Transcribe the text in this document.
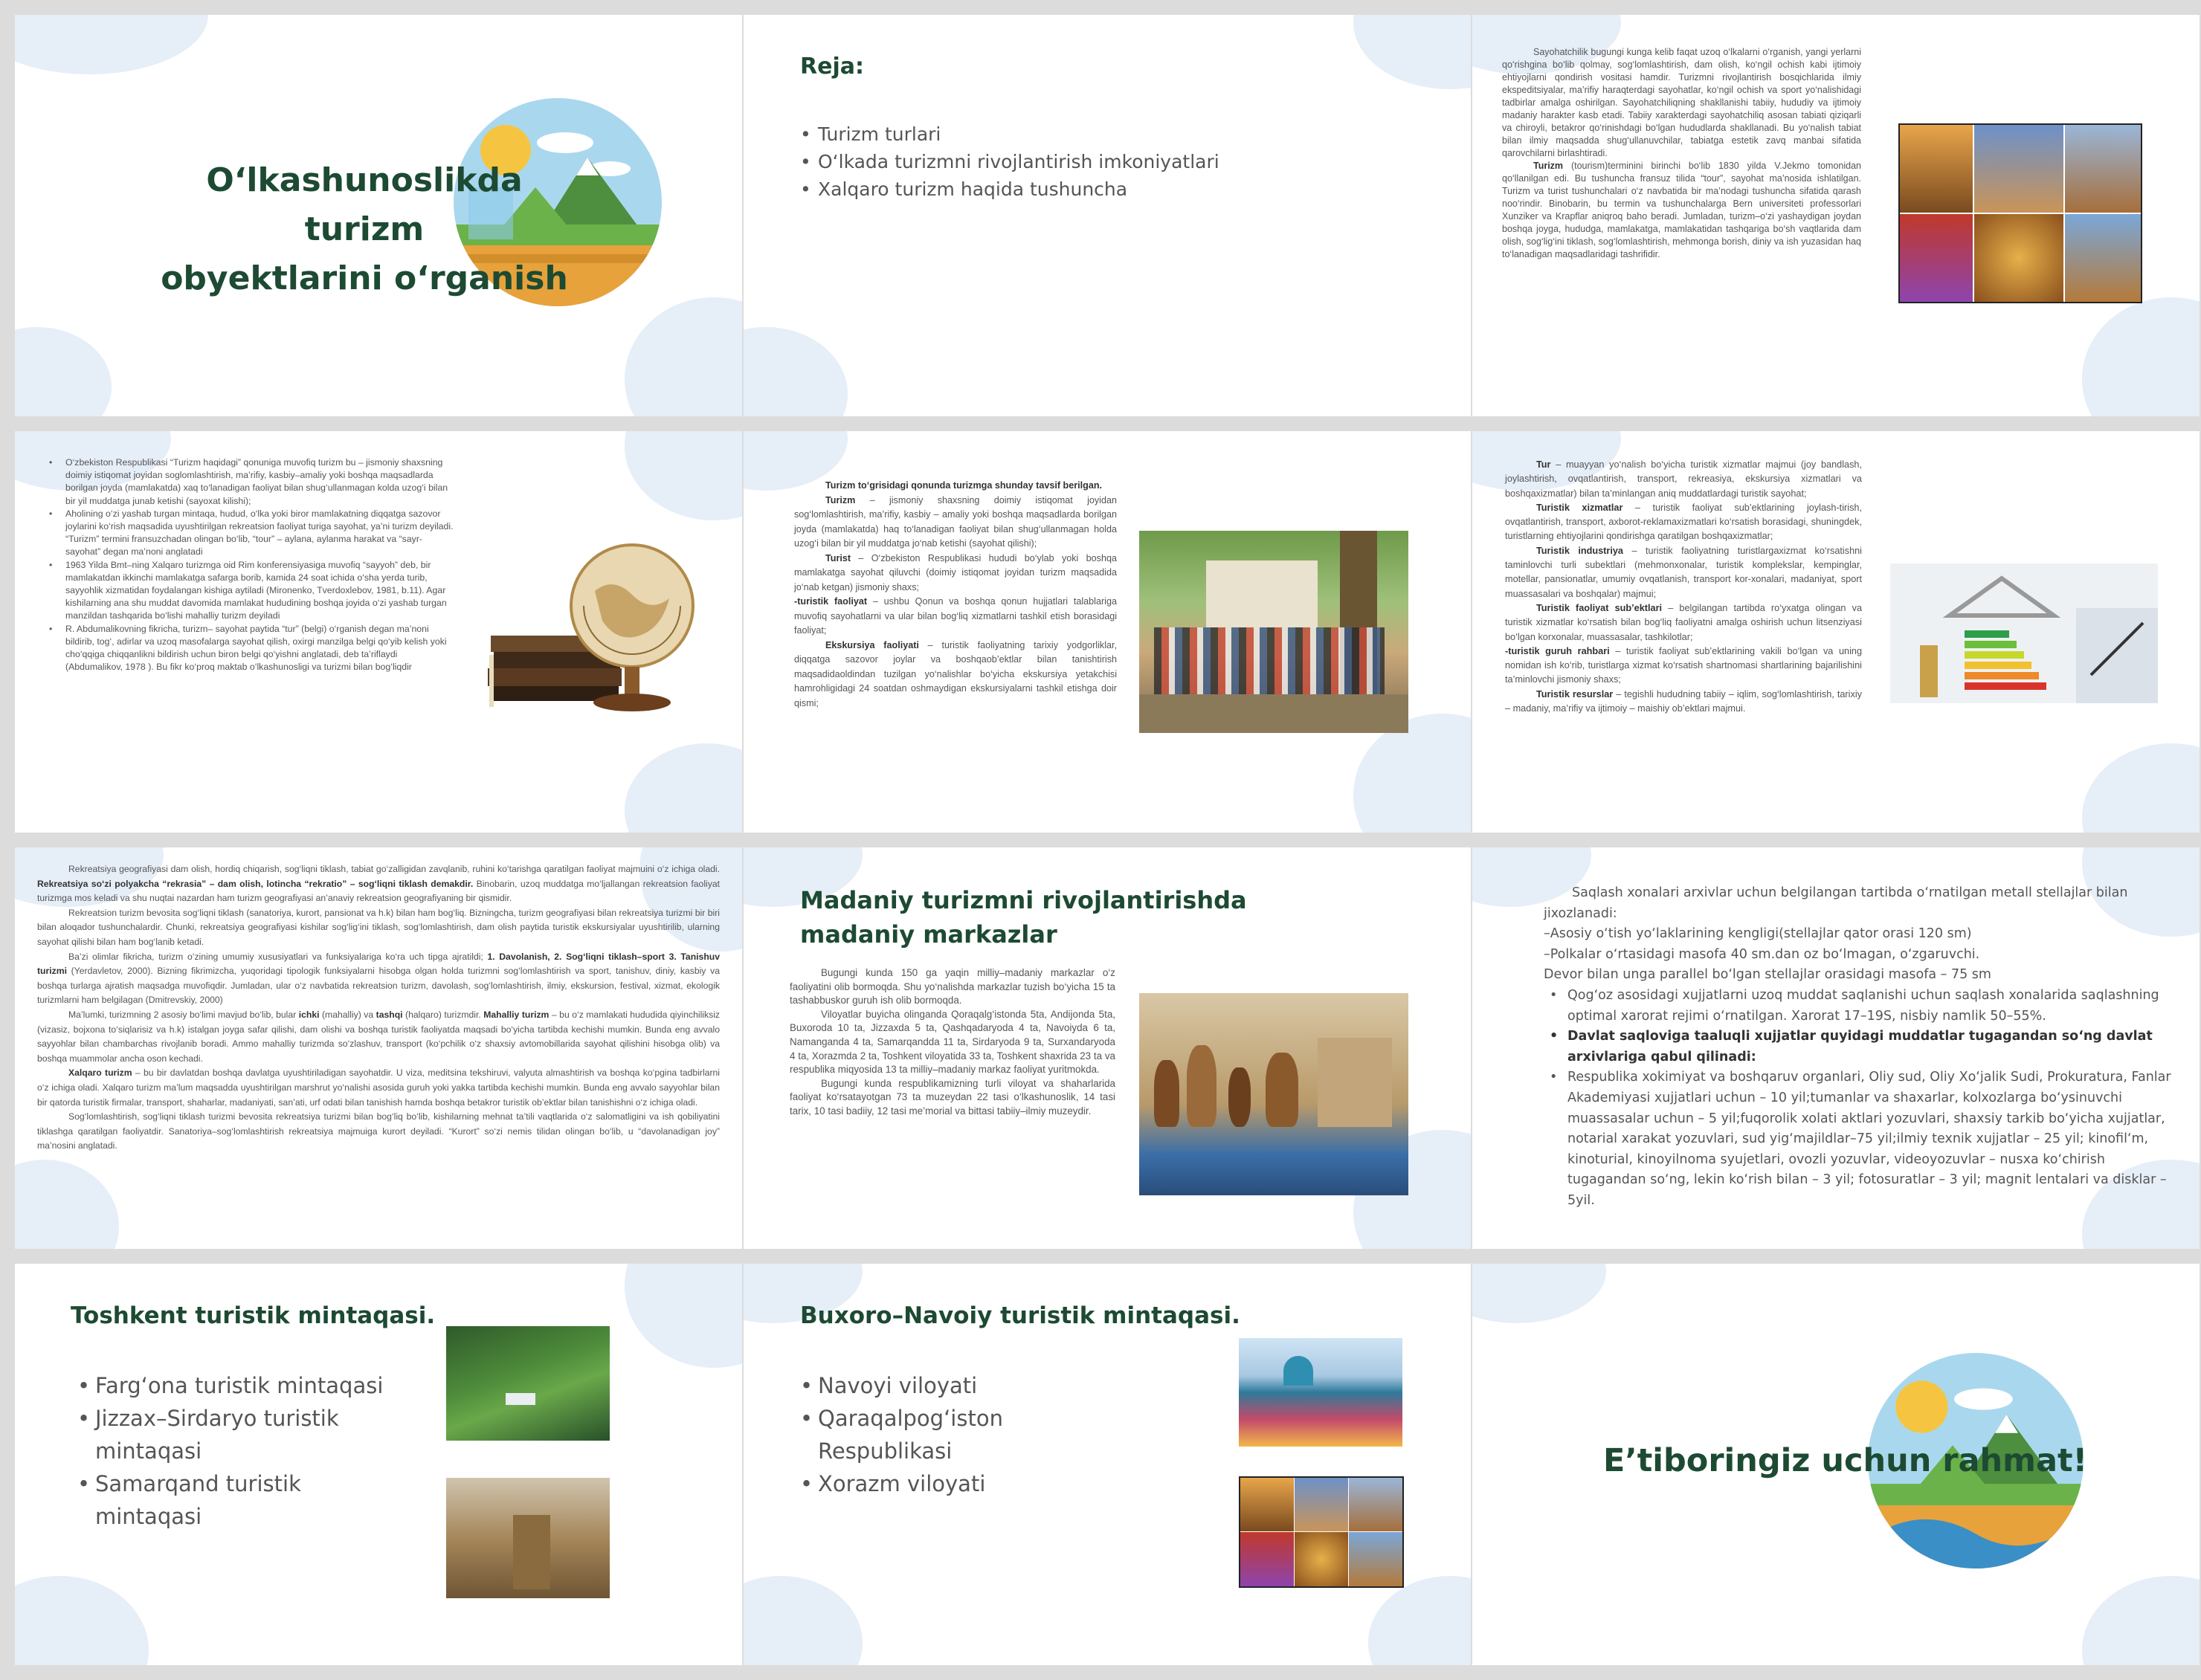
O‘lkashunoslikda turizm
obyektlarini o‘rganish
Reja:
• Turizm turlari
• O‘lkada turizmni rivojlantirish imkoniyatlari
• Xalqaro turizm haqida tushuncha

Sayohatchilik bugungi kunga kelib faqat uzoq o‘lkalarni o‘rganish, yangi yerlarni qo‘rishgina bo‘lib qolmay, sog‘lomlashtirish, dam olish, ko‘ngil ochish kabi ijtimoiy ehtiyojlarni qondirish vositasi hamdir. Turizmni rivojlantirish bosqichlarida ilmiy ekspeditsiyalar, ma’rifiy haraqterdagi sayohatlar, ko‘ngil ochish va sport yo‘nalishidagi tadbirlar amalga oshirilgan. Sayohatchiliqning shakllanishi tabiiy, hududiy va ijtimoiy madaniy harakter kasb etadi. Tabiiy xarakterdagi sayohatchiliq asosan tabiati qiziqarli va chiroyli, betakror qo‘rinishdagi bo‘lgan hududlarda shakllanadi. Bu yo‘nalish tabiat bilan ilmiy maqsadda shug‘ullanuvchilar, tabiatga estetik zavq manbai sifatida qarovchilarni birlashtiradi.

Turizm (tourism)terminini birinchi bo‘lib 1830 yilda V.Jekmo tomonidan qo‘llanilgan edi. Bu tushuncha fransuz tilida “tour”, sayohat ma’nosida ishlatilgan. Turizm va turist tushunchalari o‘z navbatida bir ma’nodagi tushuncha sifatida qarash noo‘rindir. Binobarin, bu termin va tushunchalarga Bern universiteti professorlari Xunziker va Krapflar aniqroq baho beradi. Jumladan, turizm–o‘zi yashaydigan joydan boshqa joyga, hududga, mamlakatga, mamlakatidan tashqariga bo‘sh vaqtlarida dam olish, sog‘lig‘ini tiklash, sog‘lomlashtirish, mehmonga borish, diniy va ish yuzasidan haq to‘lanadigan maqsadlaridagi tashrifidir.

• O‘zbekiston Respublikasi “Turizm haqidagi” qonuniga muvofiq turizm bu – jismoniy shaxsning doimiy istiqomat joyidan soglomlashtirish, ma’rifiy, kasbiy–amaliy yoki boshqa maqsadlarda borilgan joyda (mamlakatda) xaq to‘lanadigan faoliyat bilan shug‘ullanmagan kolda uzog‘i bilan bir yil muddatga junab ketishi (sayoxat kilishi);
• Aholining o‘zi yashab turgan mintaqa, hudud, o‘lka yoki biror mamlakatning diqqatga sazovor joylarini ko‘rish maqsadida uyushtirilgan rekreatsion faoliyat turiga sayohat, ya’ni turizm deyiladi. “Turizm” termini fransuzchadan olingan bo‘lib, “tour” – aylana, aylanma harakat va “sayr-sayohat” degan ma’noni anglatadi
• 1963 Yilda Bmt–ning Xalqaro turizmga oid Rim konferensiyasiga muvofiq “sayyoh” deb, bir mamlakatdan ikkinchi mamlakatga safarga borib, kamida 24 soat ichida o‘sha yerda turib, sayyohlik xizmatidan foydalangan kishiga aytiladi (Mironenko, Tverdoxlebov, 1981, b.11). Agar kishilarning ana shu muddat davomida mamlakat hududining boshqa joyida o‘zi yashab turgan manzildan tashqarida bo‘lishi mahalliy turizm deyiladi
• R. Abdumalikovning fikricha, turizm– sayohat paytida “tur” (belgi) o‘rganish degan ma’noni bildirib, tog‘, adirlar va uzoq masofalarga sayohat qilish, oxirgi manzilga belgi qo‘yib kelish yoki cho‘qqiga chiqqanlikni bildirish uchun biron belgi qo‘yishni anglatadi, deb ta’riflaydi (Abdumalikov, 1978 ). Bu fikr ko‘proq maktab o‘lkashunosligi va turizmi bilan bog‘liqdir

Turizm to‘grisidagi qonunda turizmga shunday tavsif berilgan.

Turizm – jismoniy shaxsning doimiy istiqomat joyidan sog‘lomlashtirish, ma’rifiy, kasbiy – amaliy yoki boshqa maqsadlarda borilgan joyda (mamlakatda) haq to‘lanadigan faoliyat bilan shug‘ullanmagan holda uzog‘i bilan bir yil muddatga jo‘nab ketishi (sayohat qilishi);

Turist – O‘zbekiston Respublikasi hududi bo‘ylab yoki boshqa mamlakatga sayohat qiluvchi (doimiy istiqomat joyidan turizm maqsadida jo‘nab ketgan) jismoniy shaxs;

-turistik faoliyat – ushbu Qonun va boshqa qonun hujjatlari talablariga muvofiq sayohatlarni va ular bilan bog‘liq xizmatlarni tashkil etish borasidagi faoliyat;

Ekskursiya faoliyati – turistik faoliyatning tarixiy yodgorliklar, diqqatga sazovor joylar va boshqaob’ektlar bilan tanishtirish maqsadidaoldindan tuzilgan yo‘nalishlar bo‘yicha ekskursiya yetakchisi hamrohligidagi 24 soatdan oshmaydigan ekskursiyalarni tashkil etishga doir qismi;

Tur – muayyan yo‘nalish bo‘yicha turistik xizmatlar majmui (joy bandlash, joylashtirish, ovqatlantirish, transport, rekreasiya, ekskursiya xizmatlari va boshqaxizmatlar) bilan ta’minlangan aniq muddatlardagi turistik sayohat;

Turistik xizmatlar – turistik faoliyat sub’ektlarining joylash-tirish, ovqatlantirish, transport, axborot-reklamaxizmatlari ko‘rsatish borasidagi, shuningdek, turistlarning ehtiyojlarini qondirishga qaratilgan boshqaxizmatlar;

Turistik industriya – turistik faoliyatning turistlargaxizmat ko‘rsatishni taminlovchi turli subektlari (mehmonxonalar, turistik komplekslar, kempinglar, motellar, pansionatlar, umumiy ovqatlanish, transport kor-xonalari, madaniyat, sport muassasalari va boshqalar) majmui;

Turistik faoliyat sub’ektlari – belgilangan tartibda ro‘yxatga olingan va turistik xizmatlar ko‘rsatish bilan bog‘liq faoliyatni amalga oshirish uchun litsenziyasi bo‘lgan korxonalar, muassasalar, tashkilotlar;

-turistik guruh rahbari – turistik faoliyat sub’ektlarining vakili bo‘lgan va uning nomidan ish ko‘rib, turistlarga xizmat ko‘rsatish shartnomasi shartlarining bajarilishini ta’minlovchi jismoniy shaxs;

Turistik resurslar – tegishli hududning tabiiy – iqlim, sog‘lomlashtirish, tarixiy – madaniy, ma’rifiy va ijtimoiy – maishiy ob’ektlari majmui.

Rekreatsiya geografiyasi dam olish, hordiq chiqarish, sog‘liqni tiklash, tabiat go‘zalligidan zavqlanib, ruhini ko‘tarishga qaratilgan faoliyat majmuini o‘z ichiga oladi. Rekreatsiya so‘zi polyakcha “rekrasia” – dam olish, lotincha “rekratio” – sog‘liqni tiklash demakdir. Binobarin, uzoq muddatga mo‘ljallangan rekreatsion faoliyat turizmga mos keladi va shu nuqtai nazardan ham turizm geografiyasi an’anaviy rekreatsion geografiyaning bir qismidir.

Rekreatsion turizm bevosita sog‘liqni tiklash (sanatoriya, kurort, pansionat va h.k) bilan ham bog‘liq. Bizningcha, turizm geografiyasi bilan rekreatsiya turizmi bir biri bilan aloqador tushunchalardir. Chunki, rekreatsiya geografiyasi kishilar sog‘lig‘ini tiklash, sog‘lomlashtirish, dam olish paytida turistik ekskursiyalar uyushtirilib, ularning sayohat qilishi bilan ham bog‘lanib ketadi.

Ba’zi olimlar fikricha, turizm o‘zining umumiy xususiyatlari va funksiyalariga ko‘ra uch tipga ajratildi; 1. Davolanish, 2. Sog‘liqni tiklash–sport 3. Tanishuv turizmi (Yerdavletov, 2000). Bizning fikrimizcha, yuqoridagi tipologik funksiyalarni hisobga olgan holda turizmni sog‘lomlashtirish va sport, tanishuv, diniy, kasbiy va boshqa turlarga ajratish maqsadga muvofiqdir. Jumladan, ular o‘z navbatida rekreatsion turizm, davolash, sog‘lomlashtirish, ilmiy, ekskursion, festival, xizmat, ekologik turizmlarni ham belgilagan (Dmitrevskiy, 2000)

Ma’lumki, turizmning 2 asosiy bo‘limi mavjud bo‘lib, bular ichki (mahalliy) va tashqi (halqaro) turizmdir. Mahalliy turizm – bu o‘z mamlakati hududida qiyinchiliksiz (vizasiz, bojxona to‘siqlarisiz va h.k) istalgan joyga safar qilishi, dam olishi va boshqa turistik faoliyatda maqsadi bo‘yicha tartibda kechishi mumkin. Bunda eng avvalo sayyohlar bilan chambarchas rivojlanib boradi. Ammo mahalliy turizmda so‘zlashuv, transport (ko‘pchilik o‘z shaxsiy avtomobillarida sayohat qilishini hisobga olib) va boshqa muammolar ancha oson kechadi.

Xalqaro turizm – bu bir davlatdan boshqa davlatga uyushtiriladigan sayohatdir. U viza, meditsina tekshiruvi, valyuta almashtirish va boshqa ko‘pgina tadbirlarni o‘z ichiga oladi. Xalqaro turizm ma’lum maqsadda uyushtirilgan marshrut yo‘nalishi asosida guruh yoki yakka tartibda kechishi mumkin. Bunda eng avvalo sayyohlar bilan bir qatorda turistik firmalar, transport, shaharlar, madaniyati, san’ati, urf odati bilan tanishish hamda boshqa betakror turistik ob’ektlar bilan tanishishni o‘z ichiga oladi.

Sog‘lomlashtirish, sog‘liqni tiklash turizmi bevosita rekreatsiya turizmi bilan bog‘liq bo‘lib, kishilarning mehnat ta’tili vaqtlarida o‘z salomatligini va ish qobiliyatini tiklashga qaratilgan faoliyatdir. Sanatoriya–sog‘lomlashtirish rekreatsiya majmuiga kurort deyiladi. “Kurort” so‘zi nemis tilidan olingan bo‘lib, u “davolanadigan joy” ma’nosini anglatadi.

Madaniy turizmni rivojlantirishda madaniy markazlar

Bugungi kunda 150 ga yaqin milliy–madaniy markazlar o‘z faoliyatini olib bormoqda. Shu yo‘nalishda markazlar tuzish bo‘yicha 15 ta tashabbuskor guruh ish olib bormoqda.

Viloyatlar buyicha olinganda Qoraqalg‘istonda 5ta, Andijonda 5ta, Buxoroda 10 ta, Jizzaxda 5 ta, Qashqadaryoda 4 ta, Navoiyda 6 ta, Namanganda 4 ta, Samarqandda 11 ta, Sirdaryoda 9 ta, Surxandaryoda 4 ta, Xorazmda 2 ta, Toshkent viloyatida 33 ta, Toshkent shaxrida 23 ta va respublika miqyosida 13 ta milliy–madaniy markaz faoliyat yuritmokda.

Bugungi kunda respublikamizning turli viloyat va shaharlarida faoliyat ko‘rsatayotgan 73 ta muzeydan 22 tasi o‘lkashunoslik, 14 tasi tarix, 10 tasi badiiy, 12 tasi me’morial va bittasi tabiiy–ilmiy muzeydir.

Saqlash xonalari arxivlar uchun belgilangan tartibda o‘rnatilgan metall stellajlar bilan jixozlanadi:
–Asosiy o‘tish yo‘laklarining kengligi(stellajlar qator orasi 120 sm)
–Polkalar o‘rtasidagi masofa 40 sm.dan oz bo‘lmagan, o‘zgaruvchi.
Devor bilan unga parallel bo‘lgan stellajlar orasidagi masofa – 75 sm
• Qog‘oz asosidagi xujjatlarni uzoq muddat saqlanishi uchun saqlash xonalarida saqlashning optimal xarorat rejimi o‘rnatilgan. Xarorat 17–19S, nisbiy namlik 50–55%.
• Davlat saqloviga taaluqli xujjatlar quyidagi muddatlar tugagandan so‘ng davlat arxivlariga qabul qilinadi:
• Respublika xokimiyat va boshqaruv organlari, Oliy sud, Oliy Xo‘jalik Sudi, Prokuratura, Fanlar Akademiyasi xujjatlari uchun – 10 yil;tumanlar va shaxarlar, kolxozlarga bo‘ysinuvchi muassasalar uchun – 5 yil;fuqorolik xolati aktlari yozuvlari, shaxsiy tarkib bo‘yicha xujjatlar, notarial xarakat yozuvlari, sud yig‘majildlar–75 yil;ilmiy texnik xujjatlar – 25 yil; kinofil‘m, kinoturial, kinoyilnoma syujetlari, ovozli yozuvlar, videoyozuvlar – nusxa ko‘chirish tugagandan so‘ng, lekin ko‘rish bilan – 3 yil; fotosuratlar – 3 yil; magnit lentalari va disklar – 5yil.
Toshkent turistik mintaqasi.
• Farg‘ona turistik mintaqasi
• Jizzax–Sirdaryo turistik mintaqasi
• Samarqand turistik mintaqasi
Buxoro–Navoiy turistik mintaqasi.
• Navoyi viloyati
• Qaraqalpog‘iston Respublikasi
• Xorazm viloyati
E’tiboringiz uchun rahmat!
